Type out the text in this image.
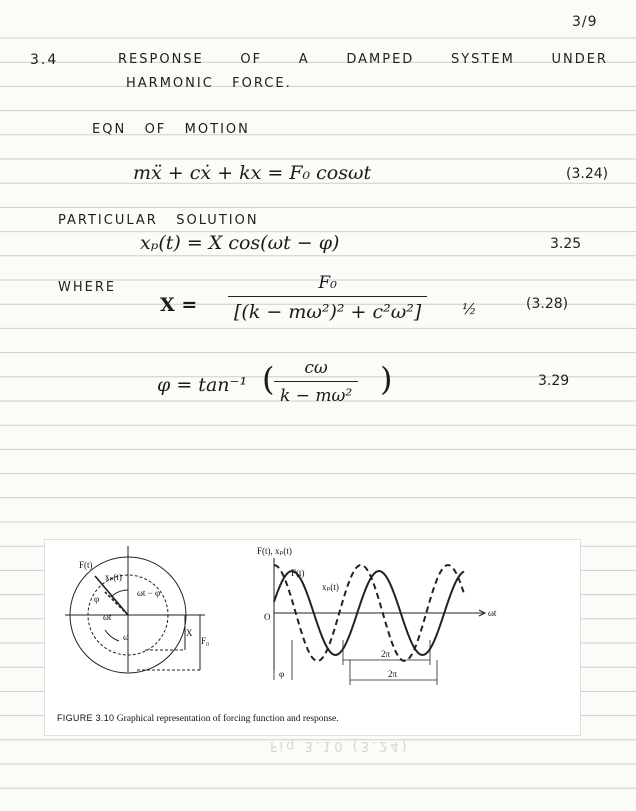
3/9
3.4	RESPONSE	OF	A	DAMPED	SYSTEM	UNDER
HARMONIC   FORCE.
EQN   OF   MOTION
mẍ + cẋ + kx = F₀ cosωt	(3.24)
PARTICULAR   SOLUTION
xₚ(t) = X cos(ωt − φ)	3.25
WHERE
$X = \frac{\text{F₀}}{\text{[(k − mω²)² + c²ω²]}}$ ½	(3.28)
φ = tan⁻¹ ( $\frac{c\omega}{\text{k − mω²}}$ )	3.29
F(t)
xₚ(t)
ωt − φ
ωt
ω
φ
X
F₀
F(t), xₚ(t)
F(t)
xₚ(t)
O	ωt
2π
2π
φ
FIGURE 3.10 Graphical representation of forcing function and response.
Fig 3.10 (3.24)
